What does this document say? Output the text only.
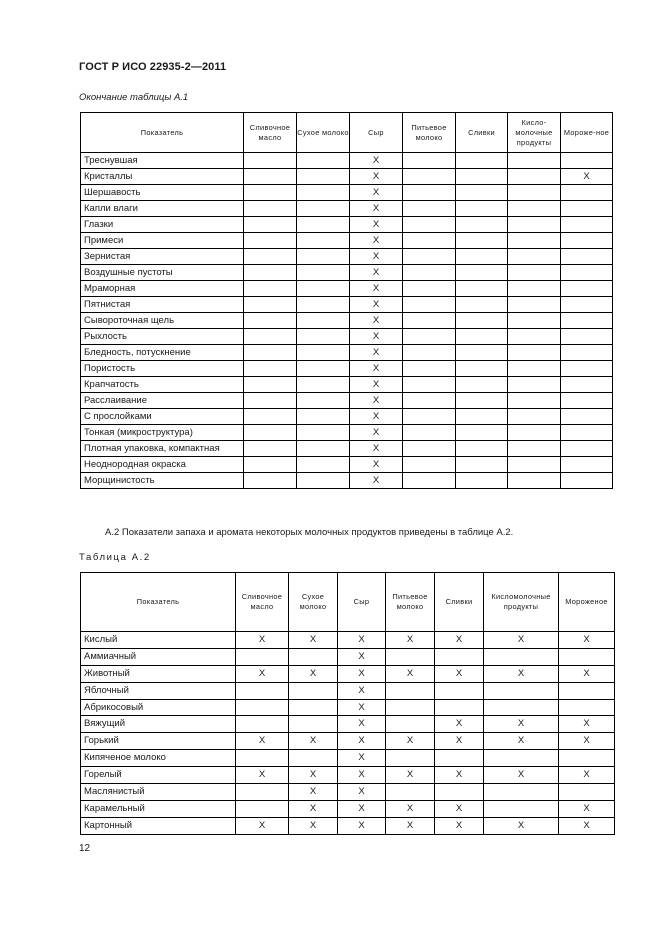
ГОСТ Р ИСО 22935-2—2011
Окончание таблицы А.1
Показатель	Сливочное масло	Сухое молоко	Сыр	Питьевое молоко	Сливки	Кисло-молочные продукты	Мороже-ное
Треснувшая			X				
Кристаллы			X				X
Шершавость			X				
Капли влаги			X				
Глазки			X				
Примеси			X				
Зернистая			X				
Воздушные пустоты			X				
Мраморная			X				
Пятнистая			X				
Сывороточная щель			X				
Рыхлость			X				
Бледность, потускнение			X				
Пористость			X				
Крапчатость			X				
Расслаивание			X				
С прослойками			X				
Тонкая (микроструктура)			X				
Плотная упаковка, компактная			X				
Неоднородная окраска			X				
Морщинистость			X				
А.2 Показатели запаха и аромата некоторых молочных продуктов приведены в таблице А.2.
Таблица А.2
Показатель	Сливочное масло	Сухое молоко	Сыр	Питьевое молоко	Сливки	Кисломолочные продукты	Мороженое
Кислый	X	X	X	X	X	X	X
Аммиачный			X				
Животный	X	X	X	X	X	X	X
Яблочный			X				
Абрикосовый			X				
Вяжущий			X		X	X	X
Горький	X	X	X	X	X	X	X
Кипяченое молоко			X				
Горелый	X	X	X	X	X	X	X
Маслянистый		X	X				
Карамельный		X	X	X	X		X
Картонный	X	X	X	X	X	X	X
12
